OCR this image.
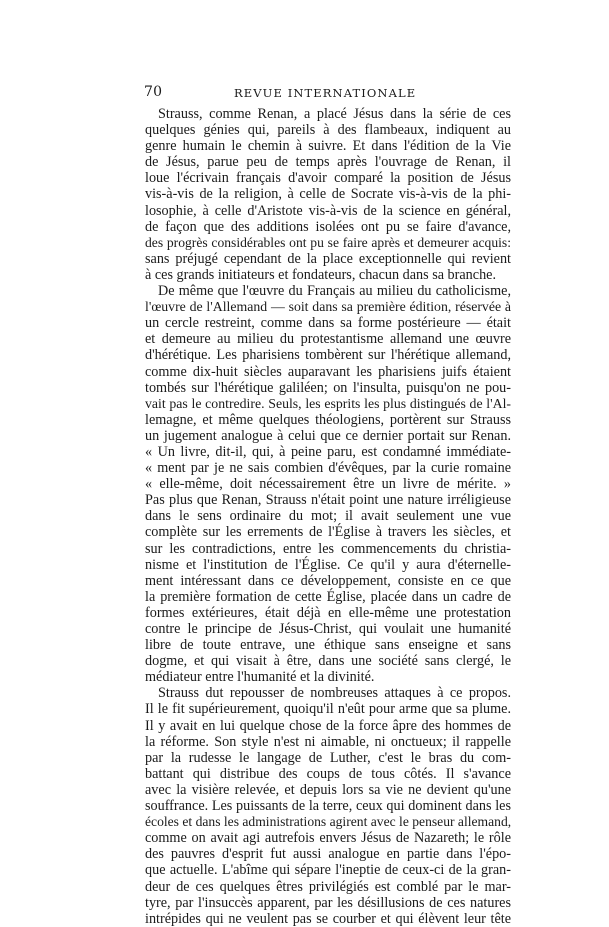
70	REVUE INTERNATIONALE
Strauss, comme Renan, a placé Jésus dans la série de ces
quelques génies qui, pareils à des flambeaux, indiquent au
genre humain le chemin à suivre. Et dans l'édition de la Vie
de Jésus, parue peu de temps après l'ouvrage de Renan, il
loue l'écrivain français d'avoir comparé la position de Jésus
vis-à-vis de la religion, à celle de Socrate vis-à-vis de la phi-
losophie, à celle d'Aristote vis-à-vis de la science en général,
de façon que des additions isolées ont pu se faire d'avance,
des progrès considérables ont pu se faire après et demeurer acquis:
sans préjugé cependant de la place exceptionnelle qui revient
à ces grands initiateurs et fondateurs, chacun dans sa branche.
De même que l'œuvre du Français au milieu du catholicisme,
l'œuvre de l'Allemand — soit dans sa première édition, réservée à
un cercle restreint, comme dans sa forme postérieure — était
et demeure au milieu du protestantisme allemand une œuvre
d'hérétique. Les pharisiens tombèrent sur l'hérétique allemand,
comme dix-huit siècles auparavant les pharisiens juifs étaient
tombés sur l'hérétique galiléen; on l'insulta, puisqu'on ne pou-
vait pas le contredire. Seuls, les esprits les plus distingués de l'Al-
lemagne, et même quelques théologiens, portèrent sur Strauss
un jugement analogue à celui que ce dernier portait sur Renan.
« Un livre, dit-il, qui, à peine paru, est condamné immédiate-
« ment par je ne sais combien d'évêques, par la curie romaine
« elle-même, doit nécessairement être un livre de mérite. »
Pas plus que Renan, Strauss n'était point une nature irréligieuse
dans le sens ordinaire du mot; il avait seulement une vue
complète sur les errements de l'Église à travers les siècles, et
sur les contradictions, entre les commencements du christia-
nisme et l'institution de l'Église. Ce qu'il y aura d'éternelle-
ment intéressant dans ce développement, consiste en ce que
la première formation de cette Église, placée dans un cadre de
formes extérieures, était déjà en elle-même une protestation
contre le principe de Jésus-Christ, qui voulait une humanité
libre de toute entrave, une éthique sans enseigne et sans
dogme, et qui visait à être, dans une société sans clergé, le
médiateur entre l'humanité et la divinité.
Strauss dut repousser de nombreuses attaques à ce propos.
Il le fit supérieurement, quoiqu'il n'eût pour arme que sa plume.
Il y avait en lui quelque chose de la force âpre des hommes de
la réforme. Son style n'est ni aimable, ni onctueux; il rappelle
par la rudesse le langage de Luther, c'est le bras du com-
battant qui distribue des coups de tous côtés. Il s'avance
avec la visière relevée, et depuis lors sa vie ne devient qu'une
souffrance. Les puissants de la terre, ceux qui dominent dans les
écoles et dans les administrations agirent avec le penseur allemand,
comme on avait agi autrefois envers Jésus de Nazareth; le rôle
des pauvres d'esprit fut aussi analogue en partie dans l'épo-
que actuelle. L'abîme qui sépare l'ineptie de ceux-ci de la gran-
deur de ces quelques êtres privilégiés est comblé par le mar-
tyre, par l'insuccès apparent, par les désillusions de ces natures
intrépides qui ne veulent pas se courber et qui élèvent leur tête
